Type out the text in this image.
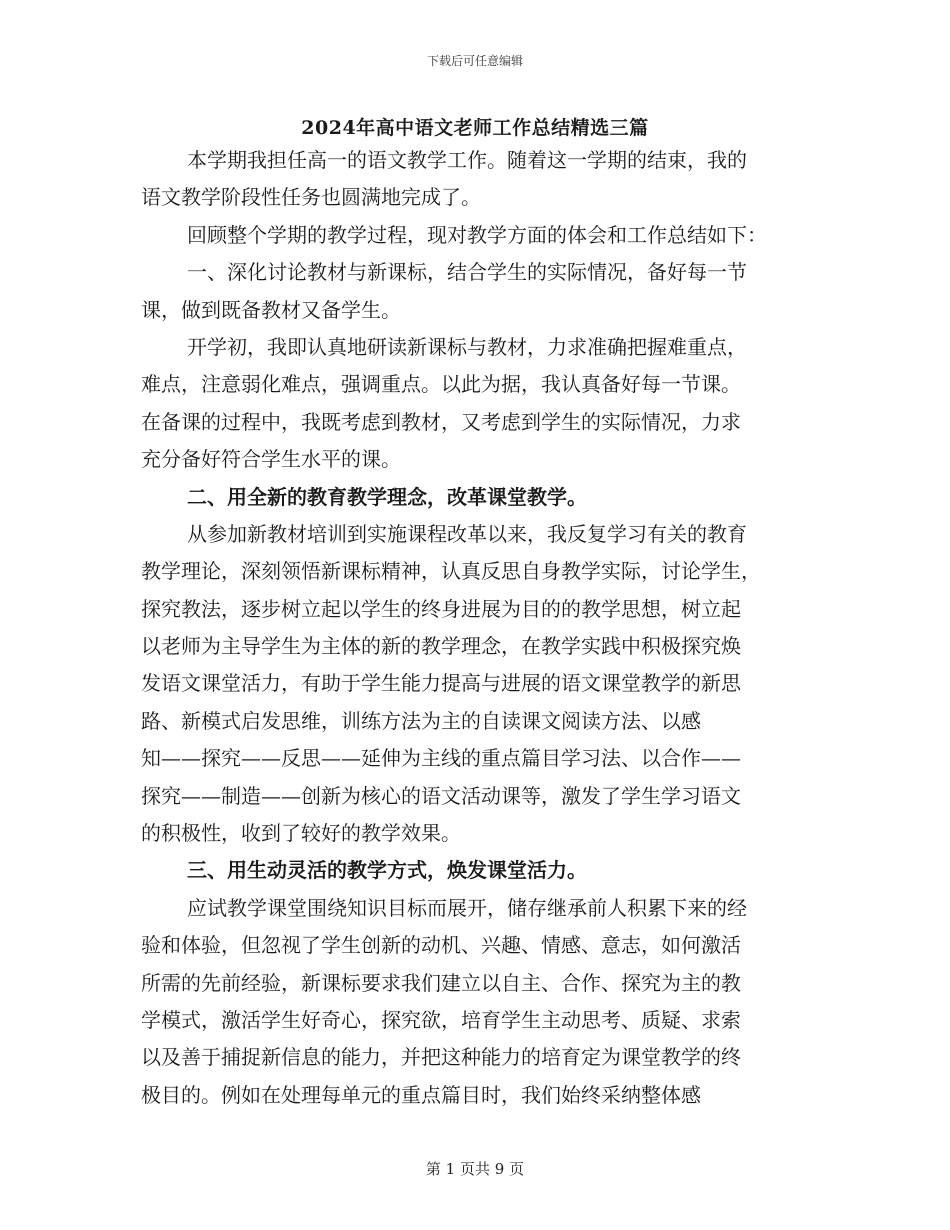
下载后可任意编辑
2024年高中语文老师工作总结精选三篇
本学期我担任高一的语文教学工作。随着这一学期的结束，我的
语文教学阶段性任务也圆满地完成了。
回顾整个学期的教学过程，现对教学方面的体会和工作总结如下：
一、深化讨论教材与新课标，结合学生的实际情况，备好每一节
课，做到既备教材又备学生。
开学初，我即认真地研读新课标与教材，力求准确把握难重点，
难点，注意弱化难点，强调重点。以此为据，我认真备好每一节课。
在备课的过程中，我既考虑到教材，又考虑到学生的实际情况，力求
充分备好符合学生水平的课。
二、用全新的教育教学理念，改革课堂教学。
从参加新教材培训到实施课程改革以来，我反复学习有关的教育
教学理论，深刻领悟新课标精神，认真反思自身教学实际，讨论学生，
探究教法，逐步树立起以学生的终身进展为目的的教学思想，树立起
以老师为主导学生为主体的新的教学理念，在教学实践中积极探究焕
发语文课堂活力，有助于学生能力提高与进展的语文课堂教学的新思
路、新模式启发思维，训练方法为主的自读课文阅读方法、以感
知——探究——反思——延伸为主线的重点篇目学习法、以合作——
探究——制造——创新为核心的语文活动课等，激发了学生学习语文
的积极性，收到了较好的教学效果。
三、用生动灵活的教学方式，焕发课堂活力。
应试教学课堂围绕知识目标而展开，储存继承前人积累下来的经
验和体验，但忽视了学生创新的动机、兴趣、情感、意志，如何激活
所需的先前经验，新课标要求我们建立以自主、合作、探究为主的教
学模式，激活学生好奇心，探究欲，培育学生主动思考、质疑、求索
以及善于捕捉新信息的能力，并把这种能力的培育定为课堂教学的终
极目的。例如在处理每单元的重点篇目时，我们始终采纳整体感
第 1 页共 9 页
